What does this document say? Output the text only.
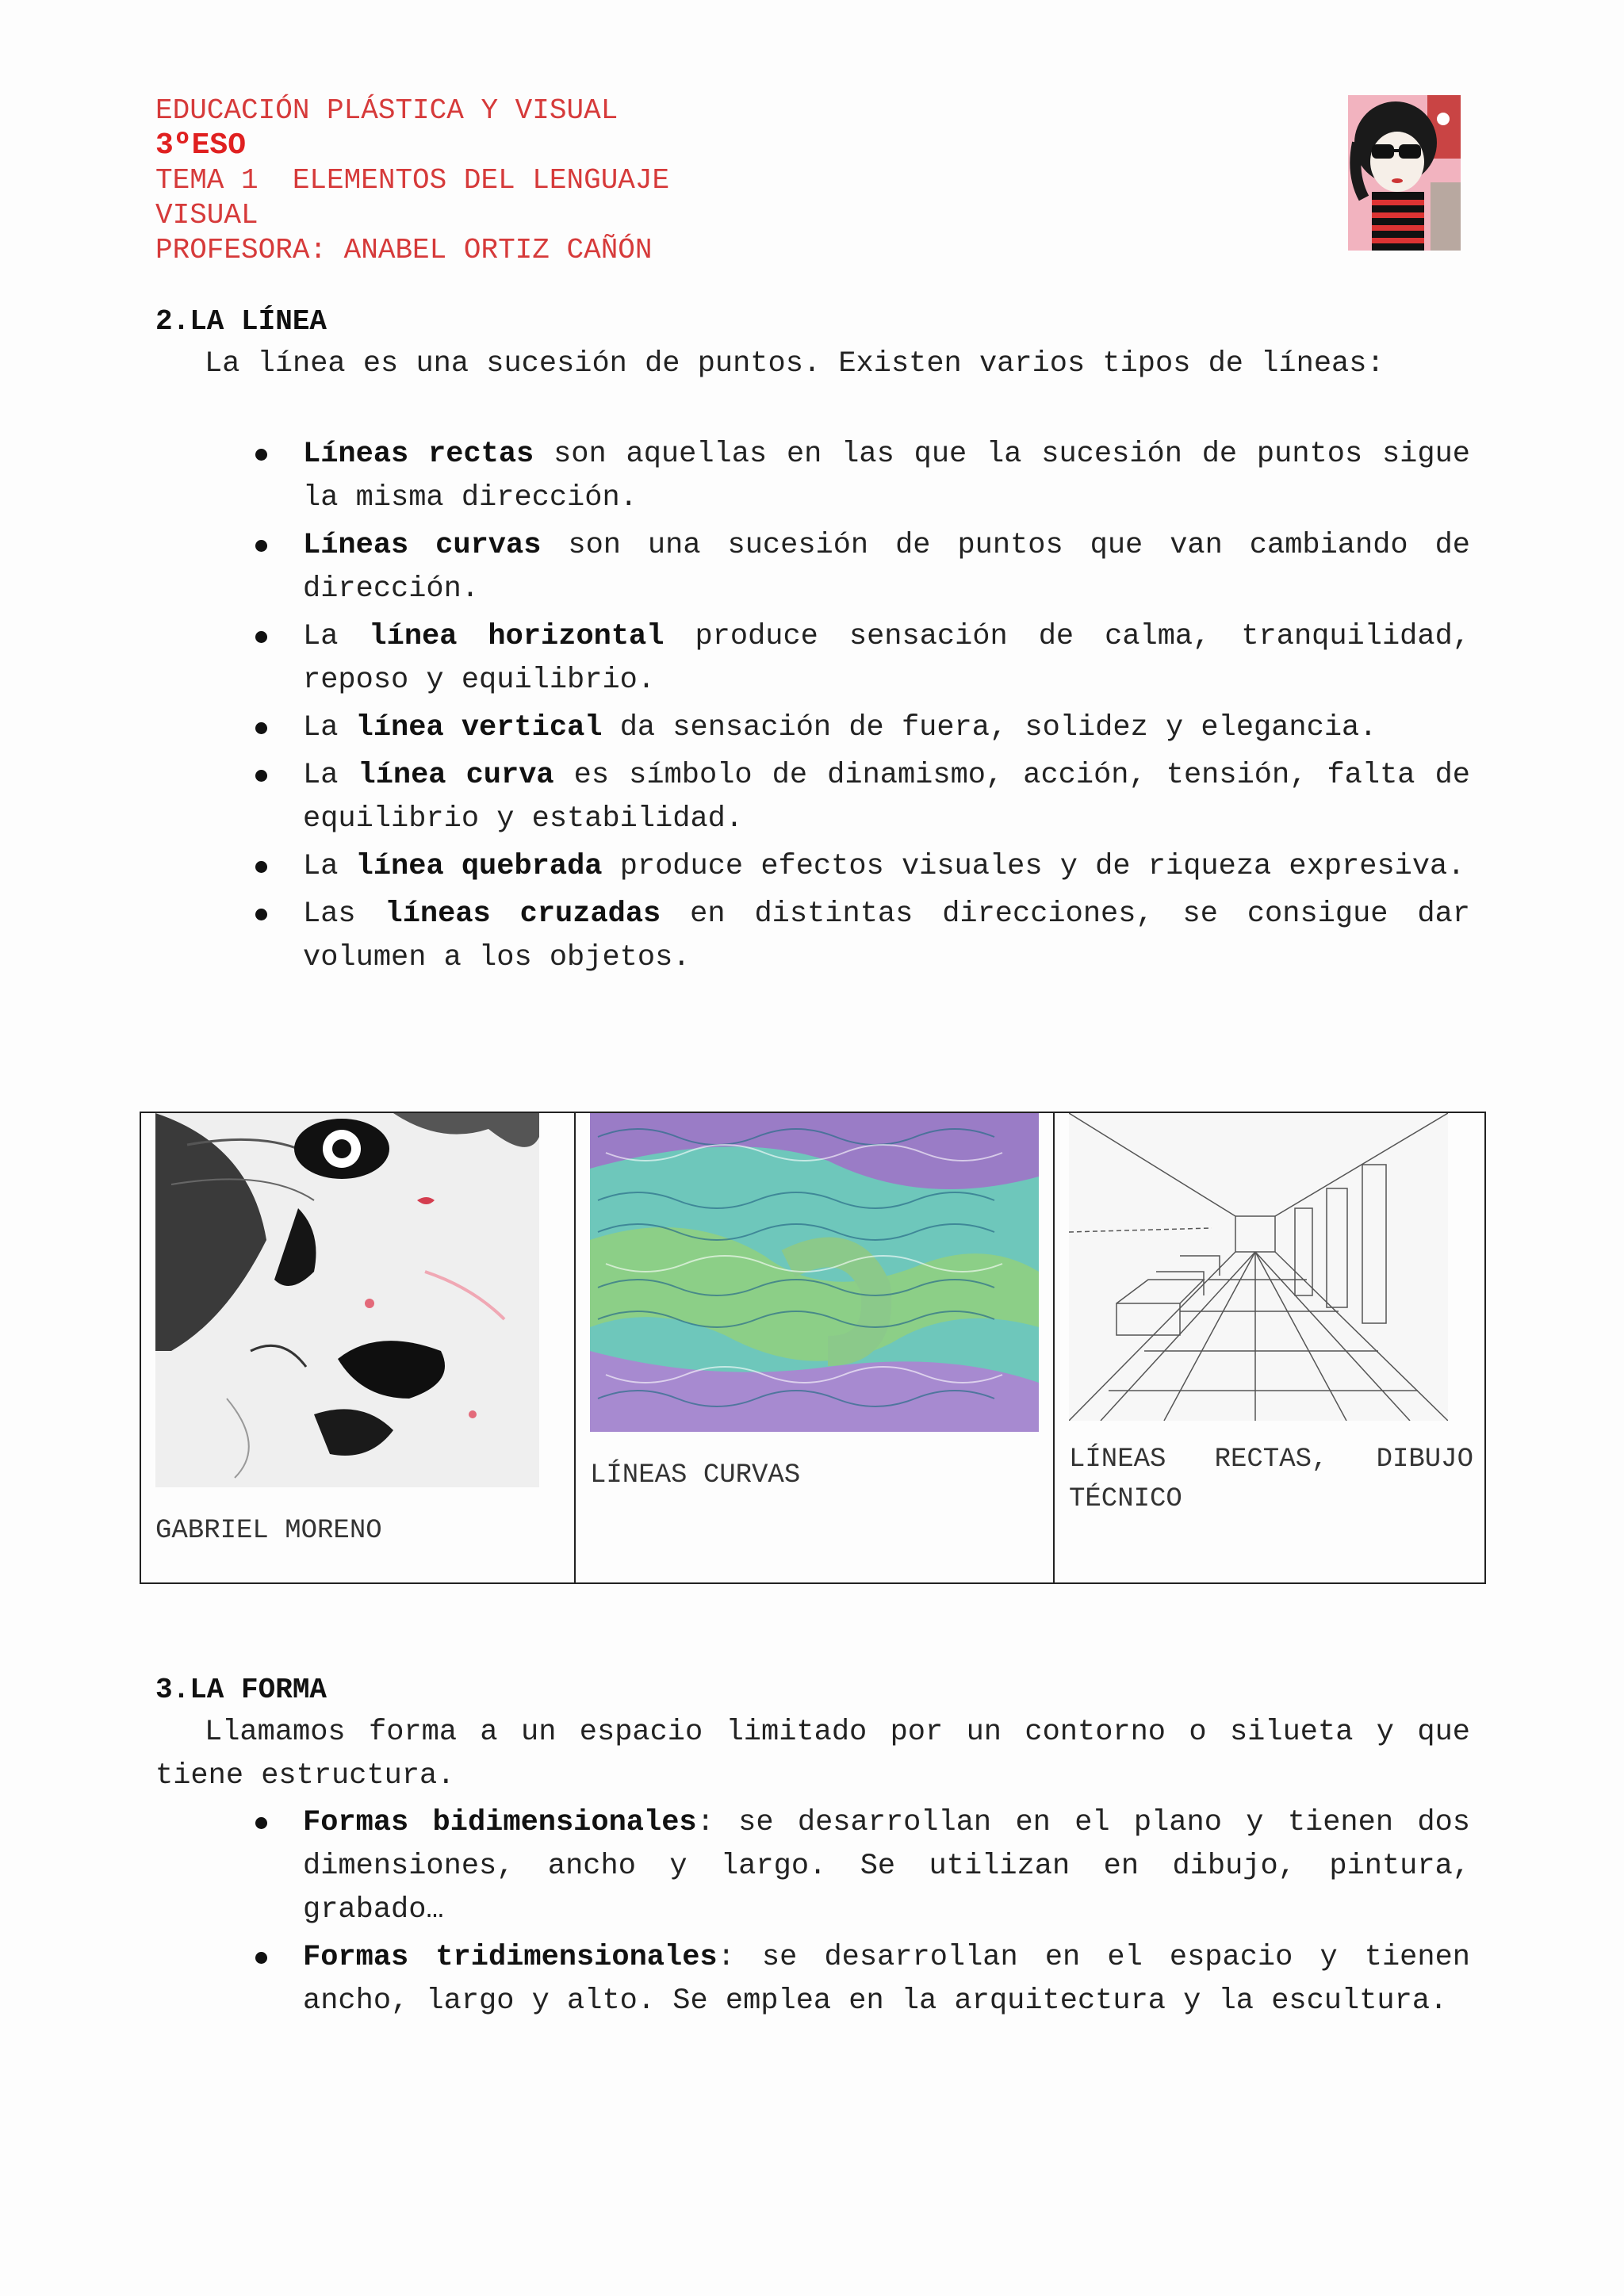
EDUCACIÓN PLÁSTICA Y VISUAL
3ºESO
TEMA 1  ELEMENTOS DEL LENGUAJE
VISUAL
PROFESORA: ANABEL ORTIZ CAÑÓN
2.LA LÍNEA
La línea es una sucesión de puntos. Existen varios tipos de líneas:
Líneas rectas son aquellas en las que la sucesión de puntos sigue la misma dirección.
Líneas curvas son una sucesión de puntos que van cambiando de dirección.
La línea horizontal produce sensación de calma, tranquilidad, reposo y equilibrio.
La línea vertical da sensación de fuera, solidez y elegancia.
La línea curva es símbolo de dinamismo, acción, tensión, falta de equilibrio y estabilidad.
La línea quebrada produce efectos visuales y de riqueza expresiva.
Las líneas cruzadas en distintas direcciones, se consigue dar volumen a los objetos.
GABRIEL MORENO
LÍNEAS CURVAS
LÍNEAS RECTAS, DIBUJO TÉCNICO
3.LA FORMA
Llamamos forma a un espacio limitado por un contorno o silueta y que tiene estructura.
Formas bidimensionales: se desarrollan en el plano y tienen dos dimensiones, ancho y largo. Se utilizan en dibujo, pintura, grabado…
Formas tridimensionales: se desarrollan en el espacio y tienen ancho, largo y alto. Se emplea en la arquitectura y la escultura.
